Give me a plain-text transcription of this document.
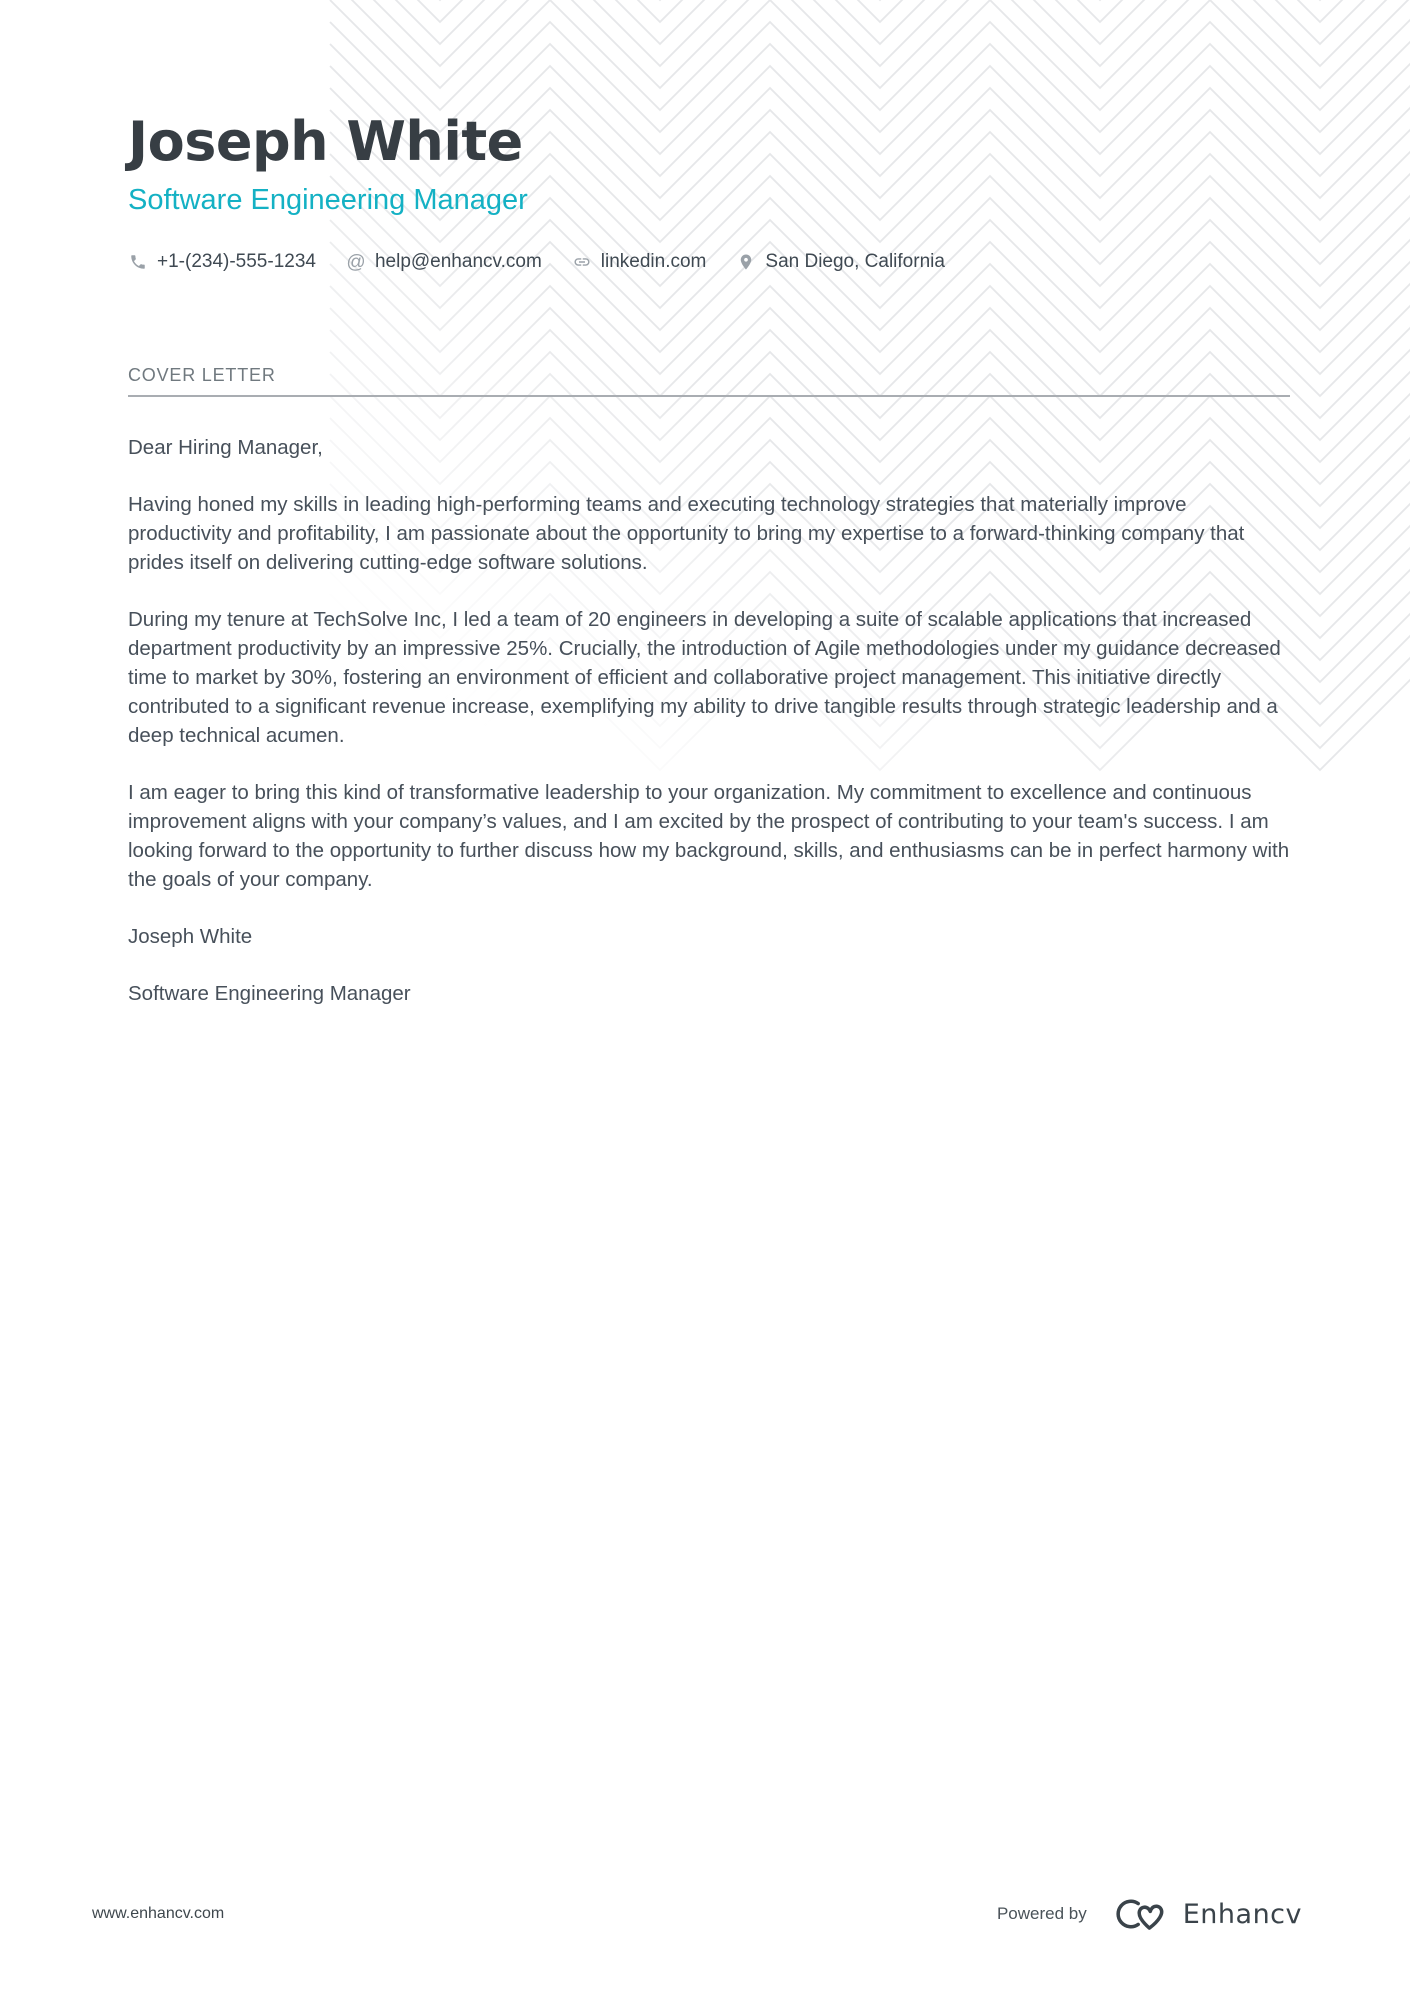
Joseph White
Software Engineering Manager
+1-(234)-555-1234 @ help@enhancv.com	linkedin.com	San Diego, California
COVER LETTER

Dear Hiring Manager,

Having honed my skills in leading high-performing teams and executing technology strategies that materially improve productivity and profitability, I am passionate about the opportunity to bring my expertise to a forward-thinking company that prides itself on delivering cutting-edge software solutions.

During my tenure at TechSolve Inc, I led a team of 20 engineers in developing a suite of scalable applications that increased department productivity by an impressive 25%. Crucially, the introduction of Agile methodologies under my guidance decreased time to market by 30%, fostering an environment of efficient and collaborative project management. This initiative directly contributed to a significant revenue increase, exemplifying my ability to drive tangible results through strategic leadership and a deep technical acumen.

I am eager to bring this kind of transformative leadership to your organization. My commitment to excellence and continuous improvement aligns with your company’s values, and I am excited by the prospect of contributing to your team's success. I am looking forward to the opportunity to further discuss how my background, skills, and enthusiasms can be in perfect harmony with the goals of your company.

Joseph White

Software Engineering Manager

www.enhancv.com	Powered by	Enhancv
